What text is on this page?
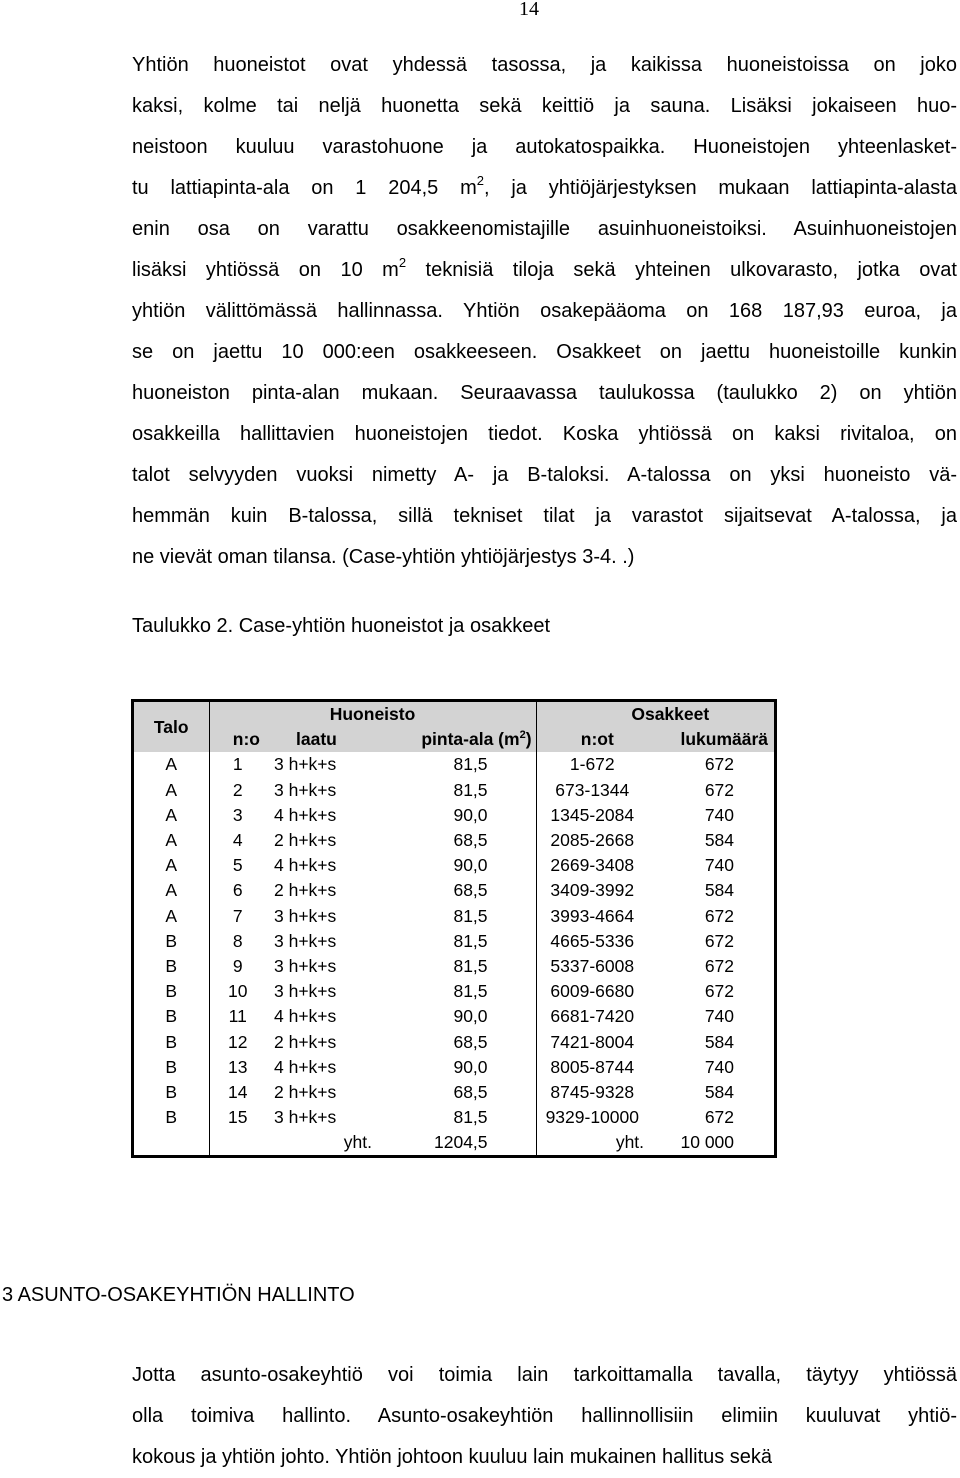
14
Yhtiön huoneistot ovat yhdessä tasossa, ja kaikissa huoneistoissa on joko
kaksi, kolme tai neljä huonetta sekä keittiö ja sauna. Lisäksi jokaiseen huo-
neistoon kuuluu varastohuone ja autokatospaikka. Huoneistojen yhteenlasket-
tu lattiapinta-ala on 1 204,5 $m^2$, ja yhtiöjärjestyksen mukaan lattiapinta-alasta
enin osa on varattu osakkeenomistajille asuinhuoneistoiksi. Asuinhuoneistojen
lisäksi yhtiössä on 10 $m^2$ teknisiä tiloja sekä yhteinen ulkovarasto, jotka ovat
yhtiön välittömässä hallinnassa. Yhtiön osakepääoma on 168 187,93 euroa, ja
se on jaettu 10 000:een osakkeeseen. Osakkeet on jaettu huoneistoille kunkin
huoneiston pinta-alan mukaan. Seuraavassa taulukossa (taulukko 2) on yhtiön
osakkeilla hallittavien huoneistojen tiedot. Koska yhtiössä on kaksi rivitaloa, on
talot selvyyden vuoksi nimetty A- ja B-taloksi. A-talossa on yksi huoneisto vä-
hemmän kuin B-talossa, sillä tekniset tilat ja varastot sijaitsevat A-talossa, ja
ne vievät oman tilansa. (Case-yhtiön yhtiöjärjestys 3-4. .)

Taulukko 2. Case-yhtiön huoneistot ja osakkeet

Talo	Huoneisto			Osakkeet	
	n:o	laatu	pinta-ala $(m^2)$	n:ot	lukumäärä
A	1	3 h+k+s	81,5	1-672	672
A	2	3 h+k+s	81,5	673-1344	672
A	3	4 h+k+s	90,0	1345-2084	740
A	4	2 h+k+s	68,5	2085-2668	584
A	5	4 h+k+s	90,0	2669-3408	740
A	6	2 h+k+s	68,5	3409-3992	584
A	7	3 h+k+s	81,5	3993-4664	672
B	8	3 h+k+s	81,5	4665-5336	672
B	9	3 h+k+s	81,5	5337-6008	672
B	10	3 h+k+s	81,5	6009-6680	672
B	11	4 h+k+s	90,0	6681-7420	740
B	12	2 h+k+s	68,5	7421-8004	584
B	13	4 h+k+s	90,0	8005-8744	740
B	14	2 h+k+s	68,5	8745-9328	584
B	15	3 h+k+s	81,5	9329-10000	672
		yht.	1204,5	yht.	10 000
3 ASUNTO-OSAKEYHTIÖN HALLINTO
Jotta asunto-osakeyhtiö voi toimia lain tarkoittamalla tavalla, täytyy yhtiössä
olla toimiva hallinto. Asunto-osakeyhtiön hallinnollisiin elimiin kuuluvat yhtiö-
kokous ja yhtiön johto. Yhtiön johtoon kuuluu lain mukainen hallitus sekä
